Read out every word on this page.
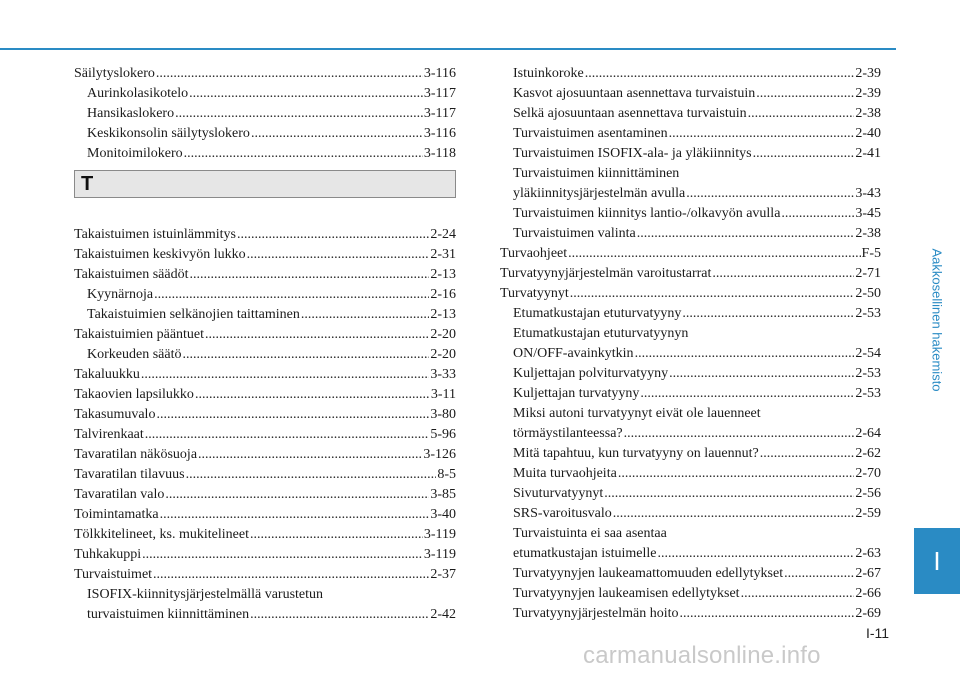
Säilytyslokero .....	3-116
Aurinkolasikotelo .....	3-117
Hansikaslokero .....	3-117
Keskikonsolin säilytyslokero .....	3-116
Monitoimilokero .....	3-118
T
Takaistuimen istuinlämmitys .....	2-24
Takaistuimen keskivyön lukko .....	2-31
Takaistuimen säädöt .....	2-13
Kyynärnoja .....	2-16
Takaistuimien selkänojien taittaminen .....	2-13
Takaistuimien pääntuet .....	2-20
Korkeuden säätö .....	2-20
Takaluukku .....	3-33
Takaovien lapsilukko .....	3-11
Takasumuvalo .....	3-80
Talvirenkaat .....	5-96
Tavaratilan näkösuoja .....	3-126
Tavaratilan tilavuus .....	8-5
Tavaratilan valo .....	3-85
Toimintamatka .....	3-40
Tölkkitelineet, ks. mukitelineet .....	3-119
Tuhkakuppi .....	3-119
Turvaistuimet .....	2-37
ISOFIX-kiinnitysjärjestelmällä varustetun
turvaistuimen kiinnittäminen .....	2-42
Istuinkoroke .....	2-39
Kasvot ajosuuntaan asennettava turvaistuin .....	2-39
Selkä ajosuuntaan asennettava turvaistuin .....	2-38
Turvaistuimen asentaminen .....	2-40
Turvaistuimen ISOFIX-ala- ja yläkiinnitys .....	2-41
Turvaistuimen kiinnittäminen
yläkiinnitysjärjestelmän avulla .....	3-43
Turvaistuimen kiinnitys lantio-/olkavyön avulla .....	3-45
Turvaistuimen valinta .....	2-38
Turvaohjeet .....	F-5
Turvatyynyjärjestelmän varoitustarrat .....	2-71
Turvatyynyt .....	2-50
Etumatkustajan etuturvatyyny .....	2-53
Etumatkustajan etuturvatyynyn
ON/OFF-avainkytkin .....	2-54
Kuljettajan polviturvatyyny .....	2-53
Kuljettajan turvatyyny .....	2-53
Miksi autoni turvatyynyt eivät ole lauenneet
törmäystilanteessa? .....	2-64
Mitä tapahtuu, kun turvatyyny on lauennut? .....	2-62
Muita turvaohjeita .....	2-70
Sivuturvatyynyt .....	2-56
SRS-varoitusvalo .....	2-59
Turvaistuinta ei saa asentaa
etumatkustajan istuimelle .....	2-63
Turvatyynyjen laukeamattomuuden edellytykset .....	2-67
Turvatyynyjen laukeamisen edellytykset .....	2-66
Turvatyynyjärjestelmän hoito .....	2-69
Aakkosellinen hakemisto
I
I-11
carmanualsonline.info
